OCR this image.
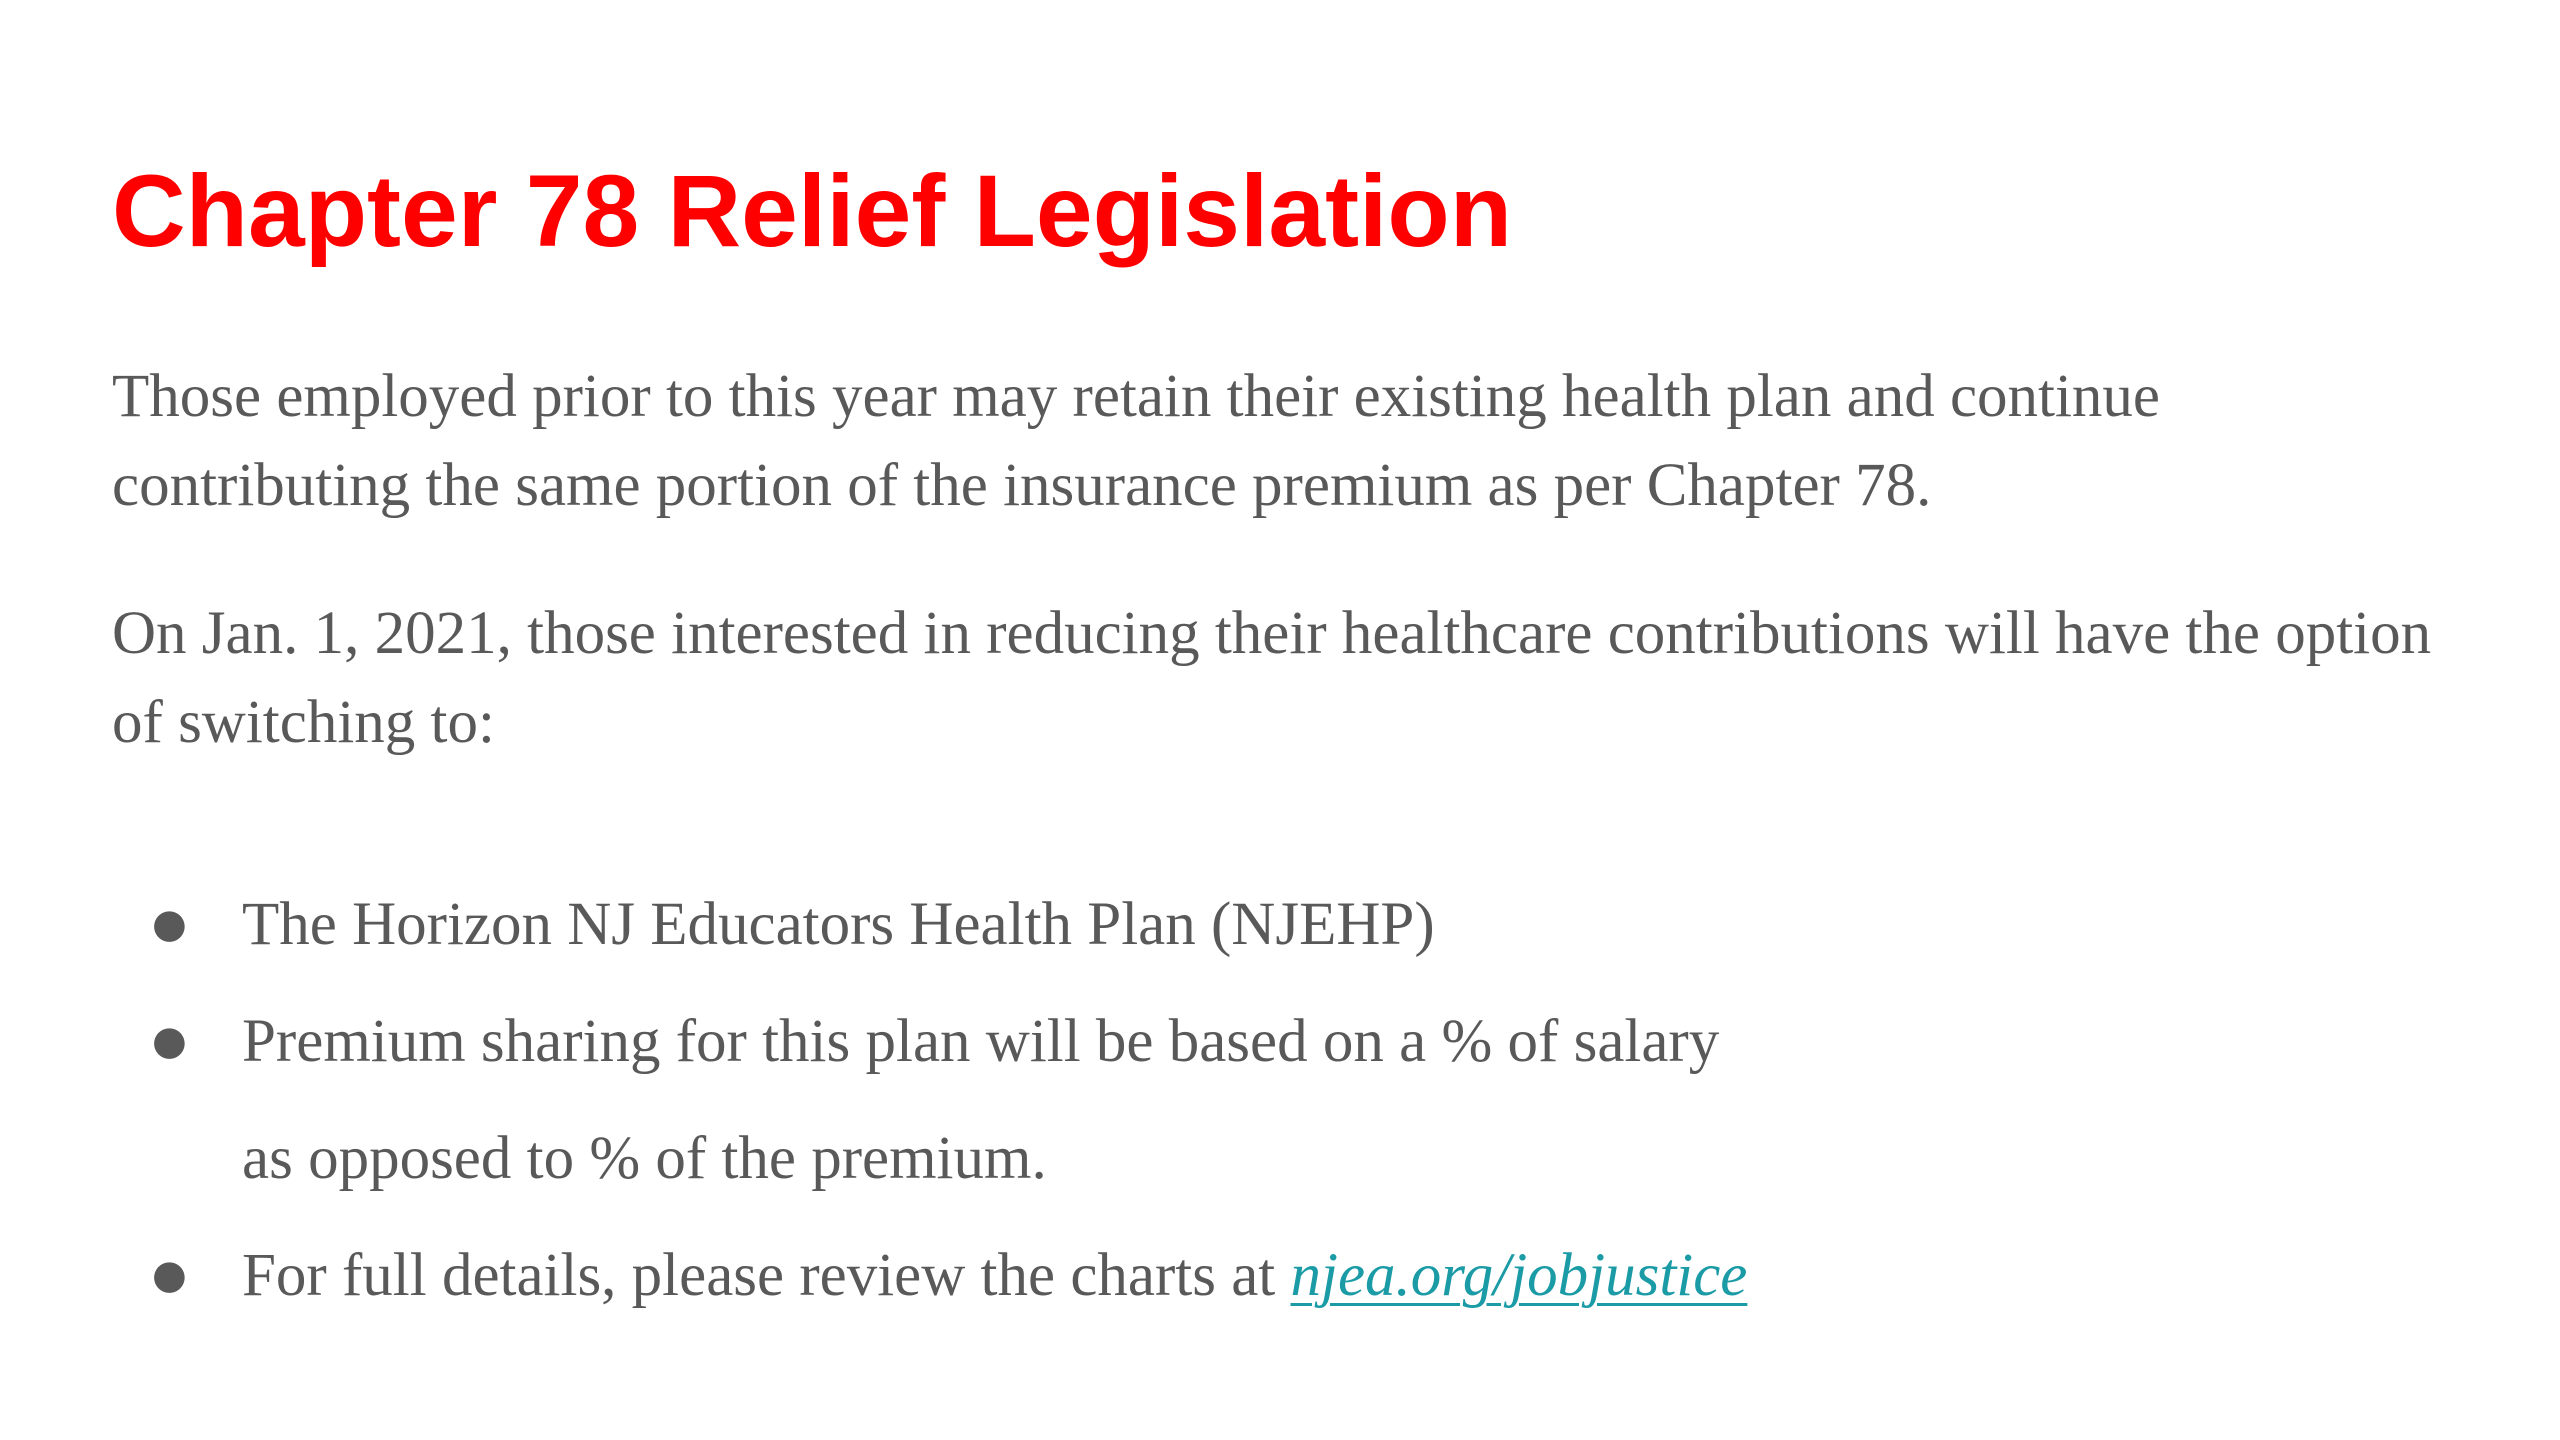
Chapter 78 Relief Legislation

Those employed prior to this year may retain their existing health plan and continue contributing the same portion of the insurance premium as per Chapter 78.

On Jan. 1, 2021, those interested in reducing their healthcare contributions will have the option of switching to:

● The Horizon NJ Educators Health Plan (NJEHP)
● Premium sharing for this plan will be based on a % of salary
as opposed to % of the premium.
● For full details, please review the charts at njea.org/jobjustice
